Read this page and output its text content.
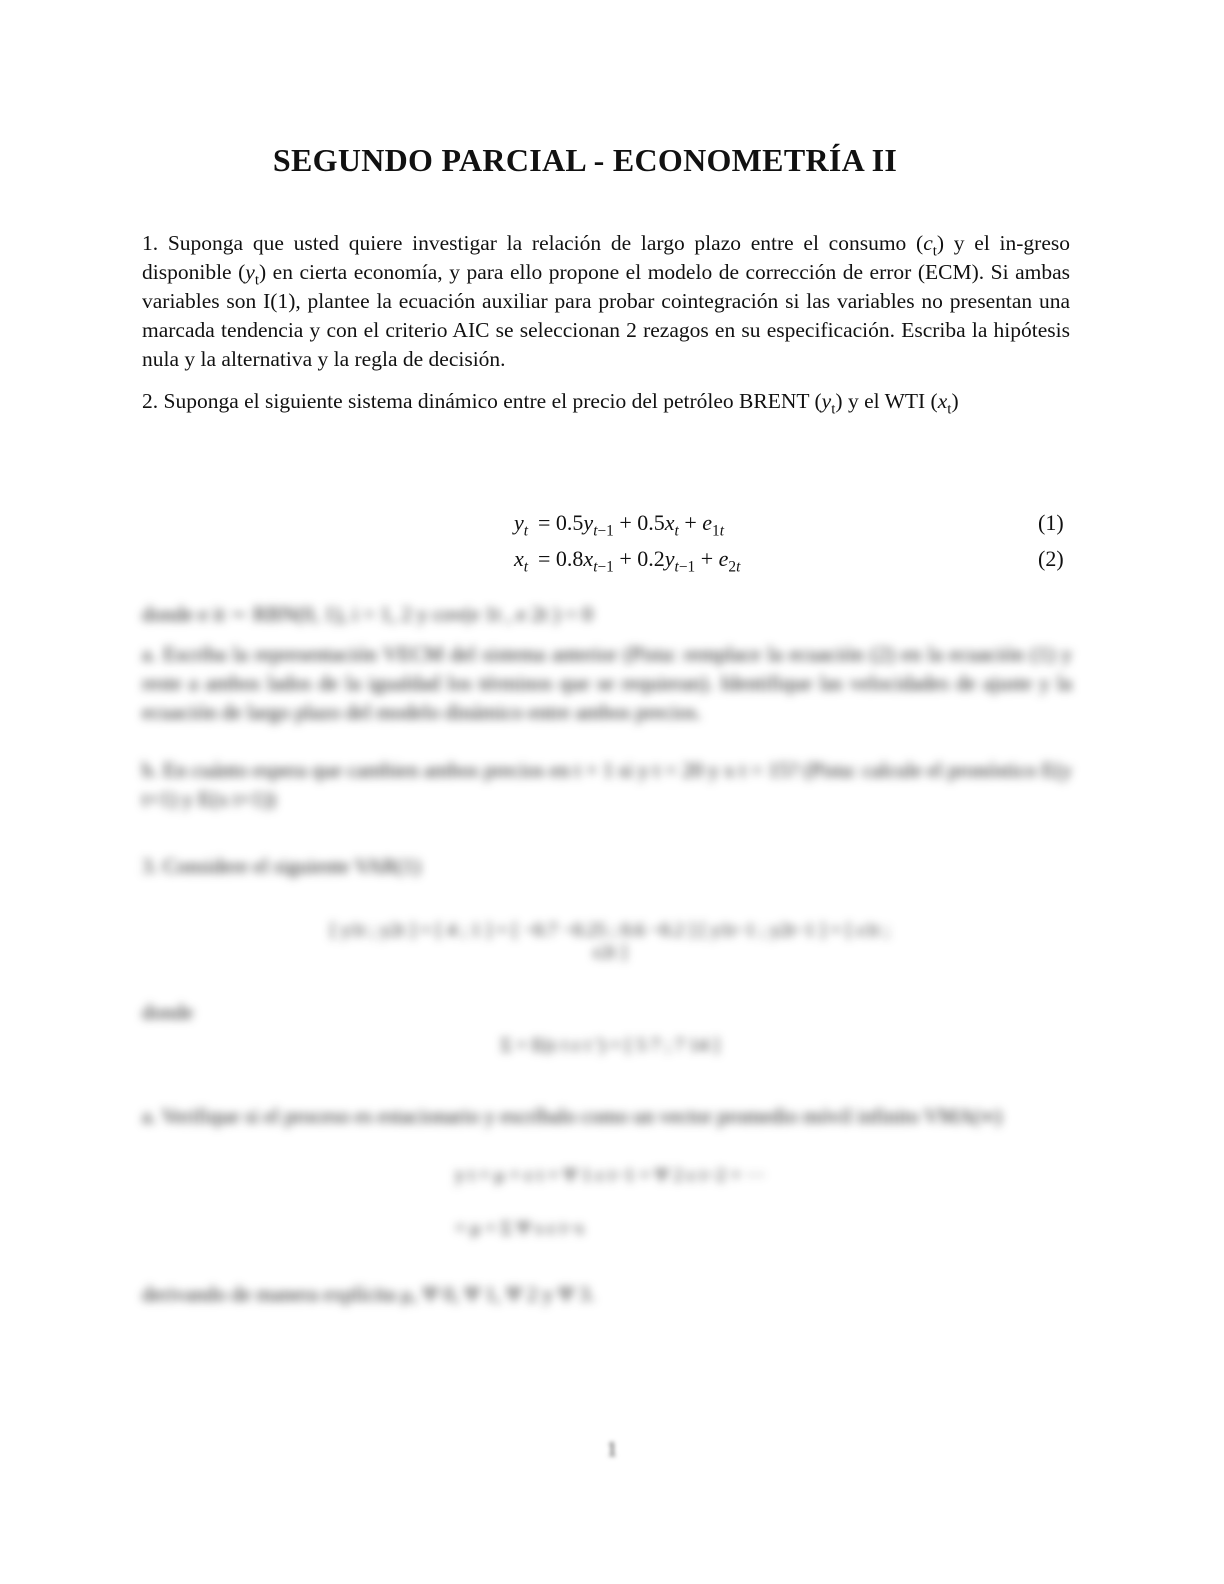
SEGUNDO PARCIAL - ECONOMETRÍA II
1. Suponga que usted quiere investigar la relación de largo plazo entre el consumo $(c_t)$ y el in-greso disponible $(y_t)$ en cierta economía, y para ello propone el modelo de corrección de error (ECM). Si ambas variables son I(1), plantee la ecuación auxiliar para probar cointegración si las variables no presentan una marcada tendencia y con el criterio AIC se seleccionan 2 rezagos en su especificación. Escriba la hipótesis nula y la alternativa y la regla de decisión.
2. Suponga el siguiente sistema dinámico entre el precio del petróleo BRENT $(y_t)$ y el WTI $(x_t)$
$y_t = 0.5y_{t-1} + 0.5x_t + e_{1t}$	(1)
$x_t = 0.8x_{t-1} + 0.2y_{t-1} + e_{2t}$	(2)
donde e it ∼ RBN(0, 1), i = 1, 2 y cov(e 1t , e 2t ) = 0
a. Escriba la representación VECM del sistema anterior (Pista: remplace la ecuación (2) en la ecuación (1) y reste a ambos lados de la igualdad los términos que se requieran). Identifique las velocidades de ajuste y la ecuación de largo plazo del modelo dinámico entre ambos precios.
b. En cuánto espera que cambien ambos precios en t + 1 si y t = 20 y x t = 15? (Pista: calcule el pronóstico E(y t+1) y E(x t+1))
3. Considere el siguiente VAR(1)
[ y1t ; y2t ] = [ 4 ; 1 ] + [ −0.7 −0.25 ; 0.6 −0.2 ] [ y1t−1 ; y2t−1 ] + [ ε1t ; ε2t ]
donde
Σ = E(ε t ε t ') = [ 5 7 ; 7 14 ]
a. Verifique si el proceso es estacionario y escríbalo como un vector promedio móvil infinito VMA(∞)
y t = μ + ε t + Ψ 1 ε t−1 + Ψ 2 ε t−2 + ···
= μ + Σ Ψ s ε t−s
derivando de manera explícita μ, Ψ 0, Ψ 1, Ψ 2 y Ψ 3.
1
